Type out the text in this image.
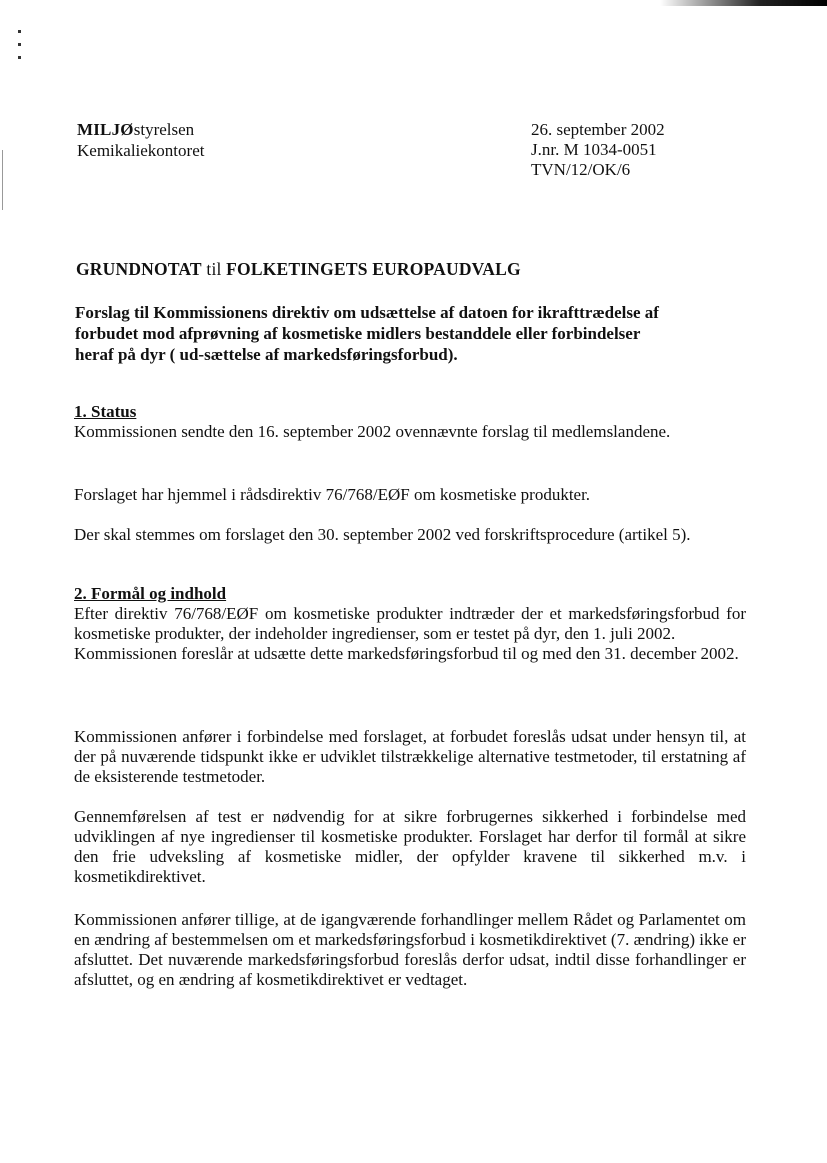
MILJØstyrelsen
Kemikaliekontoret
26. september 2002
J.nr. M 1034-0051
TVN/12/OK/6
GRUNDNOTAT til FOLKETINGETS EUROPAUDVALG
Forslag til Kommissionens direktiv om udsættelse af datoen for ikrafttrædelse af forbudet mod afprøvning af kosmetiske midlers bestanddele eller forbindelser heraf på dyr ( ud-sættelse af markedsføringsforbud).
1. Status

Kommissionen sendte den 16. september 2002 ovennævnte forslag til medlemslandene.

Forslaget har hjemmel i rådsdirektiv 76/768/EØF om kosmetiske produkter.

Der skal stemmes om forslaget den 30. september 2002 ved forskriftsprocedure (artikel 5).

2. Formål og indhold

Efter direktiv 76/768/EØF om kosmetiske produkter indtræder der et markedsføringsforbud for kosmetiske produkter, der indeholder ingredienser, som er testet på dyr, den 1. juli 2002.

Kommissionen foreslår at udsætte dette markedsføringsforbud til og med den 31. december 2002.

Kommissionen anfører i forbindelse med forslaget, at forbudet foreslås udsat under hensyn til, at der på nuværende tidspunkt ikke er udviklet tilstrækkelige alternative testmetoder, til erstatning af de eksisterende testmetoder.

Gennemførelsen af test er nødvendig for at sikre forbrugernes sikkerhed i forbindelse med udviklingen af nye ingredienser til kosmetiske produkter. Forslaget har derfor til formål at sikre den frie udveksling af kosmetiske midler, der opfylder kravene til sikkerhed m.v. i kosmetikdirektivet.

Kommissionen anfører tillige, at de igangværende forhandlinger mellem Rådet og Parlamentet om en ændring af bestemmelsen om et markedsføringsforbud i kosmetikdirektivet (7. ændring) ikke er afsluttet. Det nuværende markedsføringsforbud foreslås derfor udsat, indtil disse forhandlinger er afsluttet, og en ændring af kosmetikdirektivet er vedtaget.
